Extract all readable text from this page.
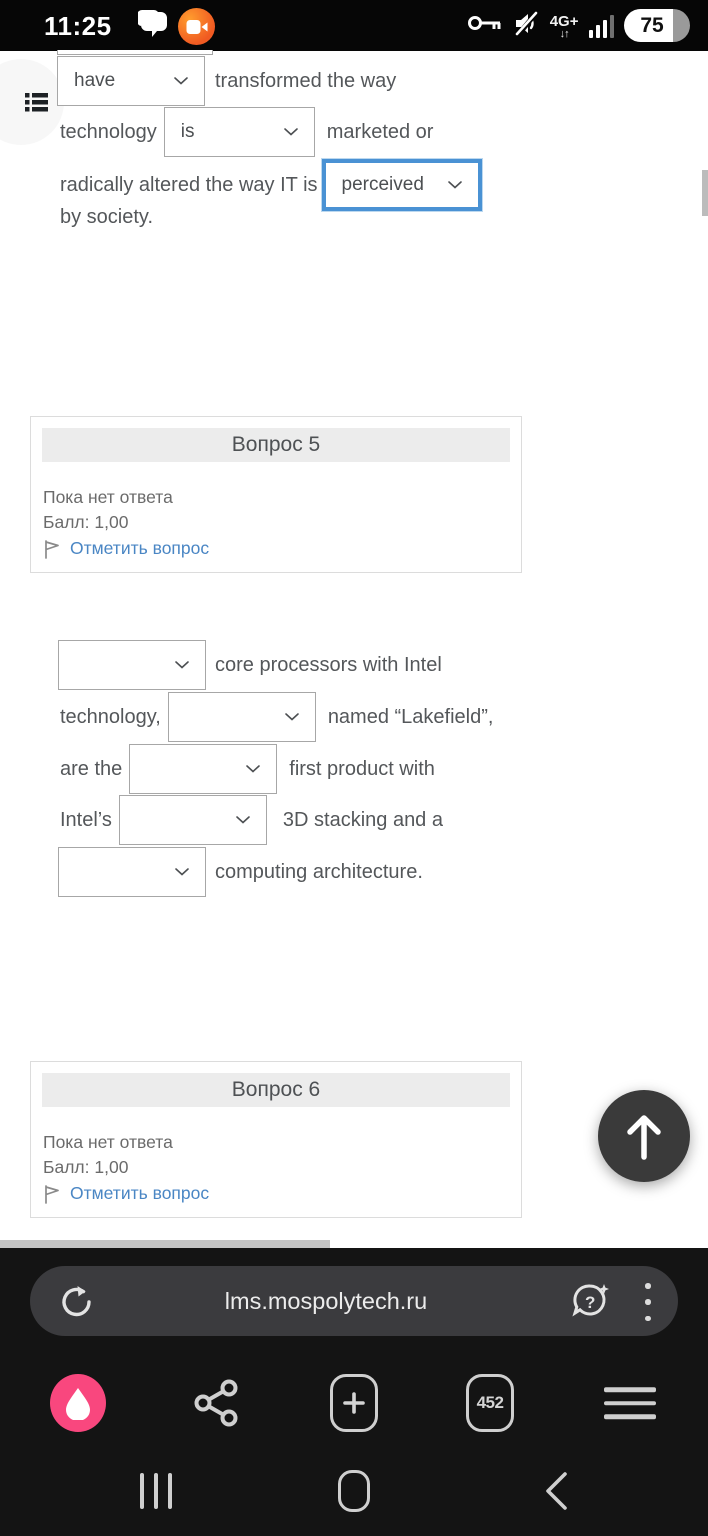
11:25	4G+
↓↑	75
have	transformed the way
technology is	marketed or
radically altered the way IT is perceived
by society.
Вопрос 5
Пока нет ответа
Балл: 1,00
Отметить вопрос
core processors with Intel
technology,	named “Lakefield”,
are the	first product with
Intel’s	3D stacking and a
computing architecture.
Вопрос 6
Пока нет ответа
Балл: 1,00
Отметить вопрос
lms.mospolytech.ru	?
452
